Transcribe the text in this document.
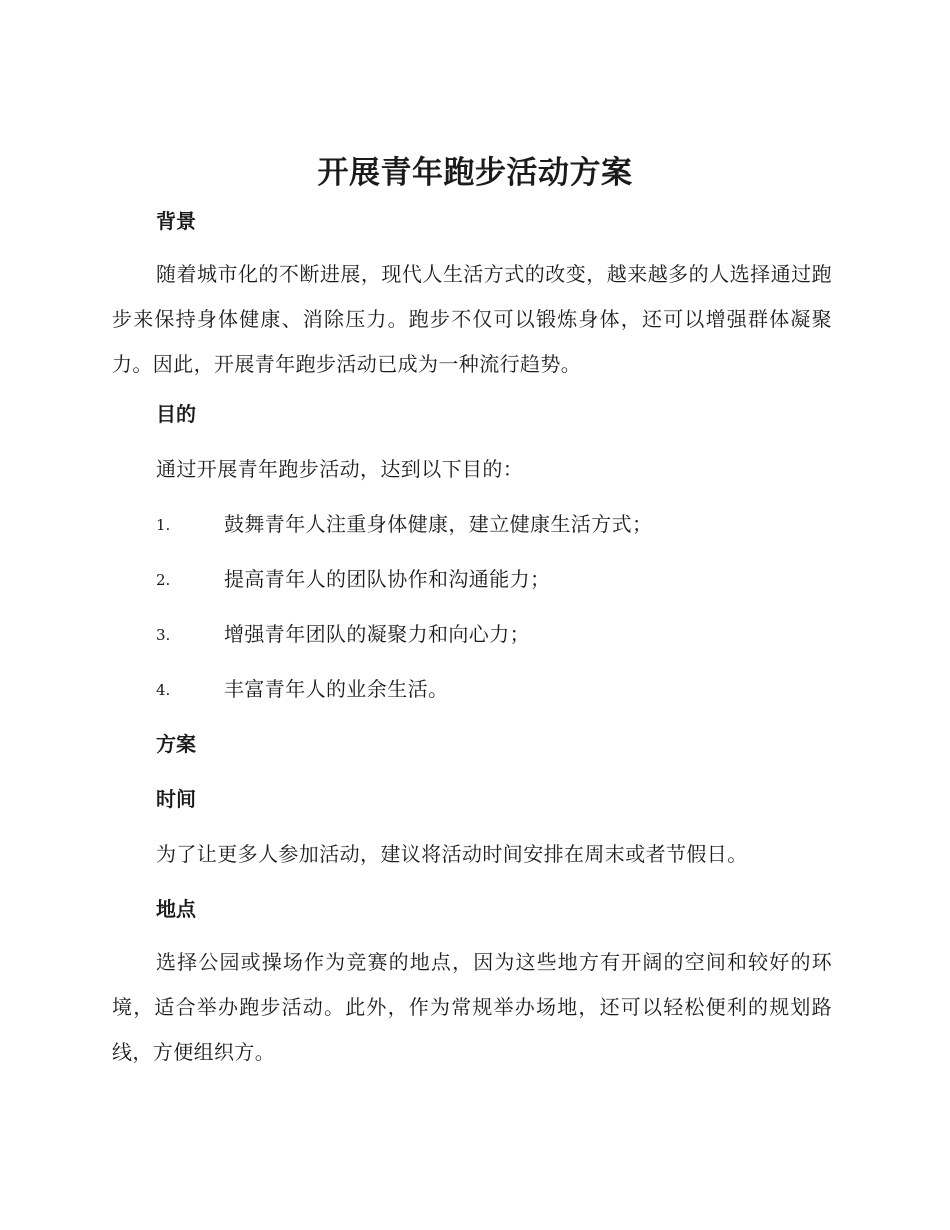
开展青年跑步活动方案
背景
随着城市化的不断进展，现代人生活方式的改变，越来越多的人选择通过跑步来保持身体健康、消除压力。跑步不仅可以锻炼身体，还可以增强群体凝聚力。因此，开展青年跑步活动已成为一种流行趋势。
目的
通过开展青年跑步活动，达到以下目的：
1.	鼓舞青年人注重身体健康，建立健康生活方式；
2.	提高青年人的团队协作和沟通能力；
3.	增强青年团队的凝聚力和向心力；
4.	丰富青年人的业余生活。
方案
时间
为了让更多人参加活动，建议将活动时间安排在周末或者节假日。
地点
选择公园或操场作为竞赛的地点，因为这些地方有开阔的空间和较好的环境，适合举办跑步活动。此外，作为常规举办场地，还可以轻松便利的规划路线，方便组织方。
